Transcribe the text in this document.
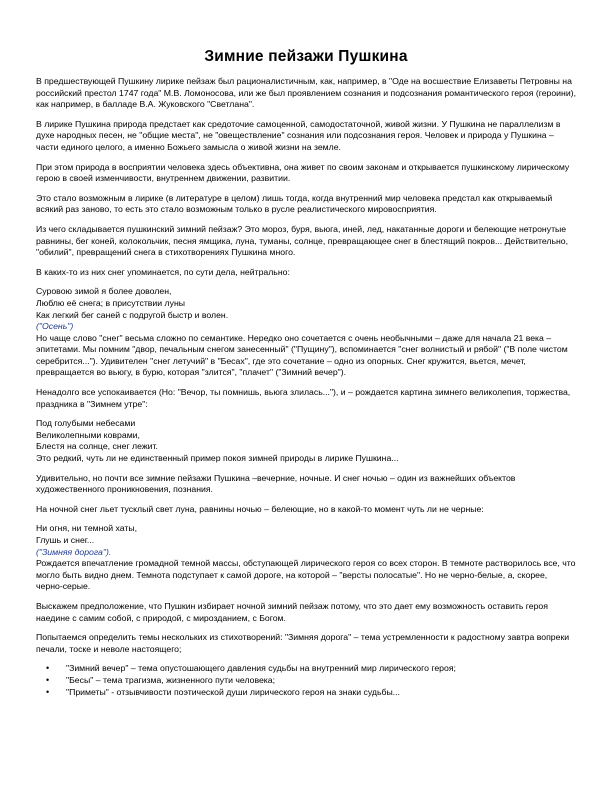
Зимние пейзажи Пушкина

В предшествующей Пушкину лирике пейзаж был рационалистичным, как, например, в "Оде на восшествие Елизаветы Петровны на российский престол 1747 года" М.В. Ломоносова, или же был проявлением сознания и подсознания романтического героя (героини), как например, в балладе В.А. Жуковского "Светлана".

В лирике Пушкина природа предстает как средоточие самоценной, самодостаточной, живой жизни. У Пушкина не параллелизм в духе народных песен, не "общие места", не "овеществление" сознания или подсознания героя. Человек и природа у Пушкина – части единого целого, а именно Божьего замысла о живой жизни на земле.

При этом природа в восприятии человека здесь объективна, она живет по своим законам и открывается пушкинскому лирическому герою в своей изменчивости, внутреннем движении, развитии.

Это стало возможным в лирике (в литературе в целом) лишь тогда, когда внутренний мир человека предстал как открываемый всякий раз заново, то есть это стало возможным только в русле реалистического мировосприятия.

Из чего складывается пушкинский зимний пейзаж? Это мороз, буря, вьюга, иней, лед, накатанные дороги и белеющие нетронутые равнины, бег коней, колокольчик, песня ямщика, луна, туманы, солнце, превращающее снег в блестящий покров... Действительно, "обилий", превращений снега в стихотворениях Пушкина много.

В каких-то из них снег упоминается, по сути дела, нейтрально:

Суровою зимой я более доволен,

Люблю её снега; в присутствии луны

Как легкий бег саней с подругой быстр и волен.

("Осень")

Но чаще слово "снег" весьма сложно по семантике. Нередко оно сочетается с очень необычными – даже для начала 21 века – эпитетами. Мы помним "двор, печальным снегом занесенный" ("Пущину"), вспоминается "снег волнистый и рябой" ("В поле чистом серебрится..."). Удивителен "снег летучий" в "Бесах", где это сочетание – одно из опорных. Снег кружится, вьется, мечет, превращается во вьюгу, в бурю, которая "злится", "плачет" ("Зимний вечер").

Ненадолго все успокаивается (Но: "Вечор, ты помнишь, вьюга злилась..."), и – рождается картина зимнего великолепия, торжества, праздника в "Зимнем утре":

Под голубыми небесами

Великолепными коврами,

Блестя на солнце, снег лежит.

Это редкий, чуть ли не единственный пример покоя зимней природы в лирике Пушкина...

Удивительно, но почти все зимние пейзажи Пушкина –вечерние, ночные. И снег ночью – один из важнейших объектов художественного проникновения, познания.

На ночной снег льет тусклый свет луна, равнины ночью – белеющие, но в какой-то момент чуть ли не черные:

Ни огня, ни темной хаты,

Глушь и снег...

("Зимняя дорога").

Рождается впечатление громадной темной массы, обступающей лирического героя со всех сторон. В темноте растворилось все, что могло быть видно днем. Темнота подступает к самой дороге, на которой – "версты полосатые". Но не черно-белые, а, скорее, черно-серые.

Выскажем предположение, что Пушкин избирает ночной зимний пейзаж потому, что это дает ему возможность оставить героя наедине с самим собой, с природой, с мирозданием, с Богом.

Попытаемся определить темы нескольких из стихотворений: "Зимняя дорога" – тема устремленности к радостному завтра вопреки печали, тоске и неволе настоящего;

• "Зимний вечер" – тема опустошающего давления судьбы на внутренний мир лирического героя;
• "Бесы" – тема трагизма, жизненного пути человека;
• "Приметы" - отзывчивости поэтической души лирического героя на знаки судьбы...
